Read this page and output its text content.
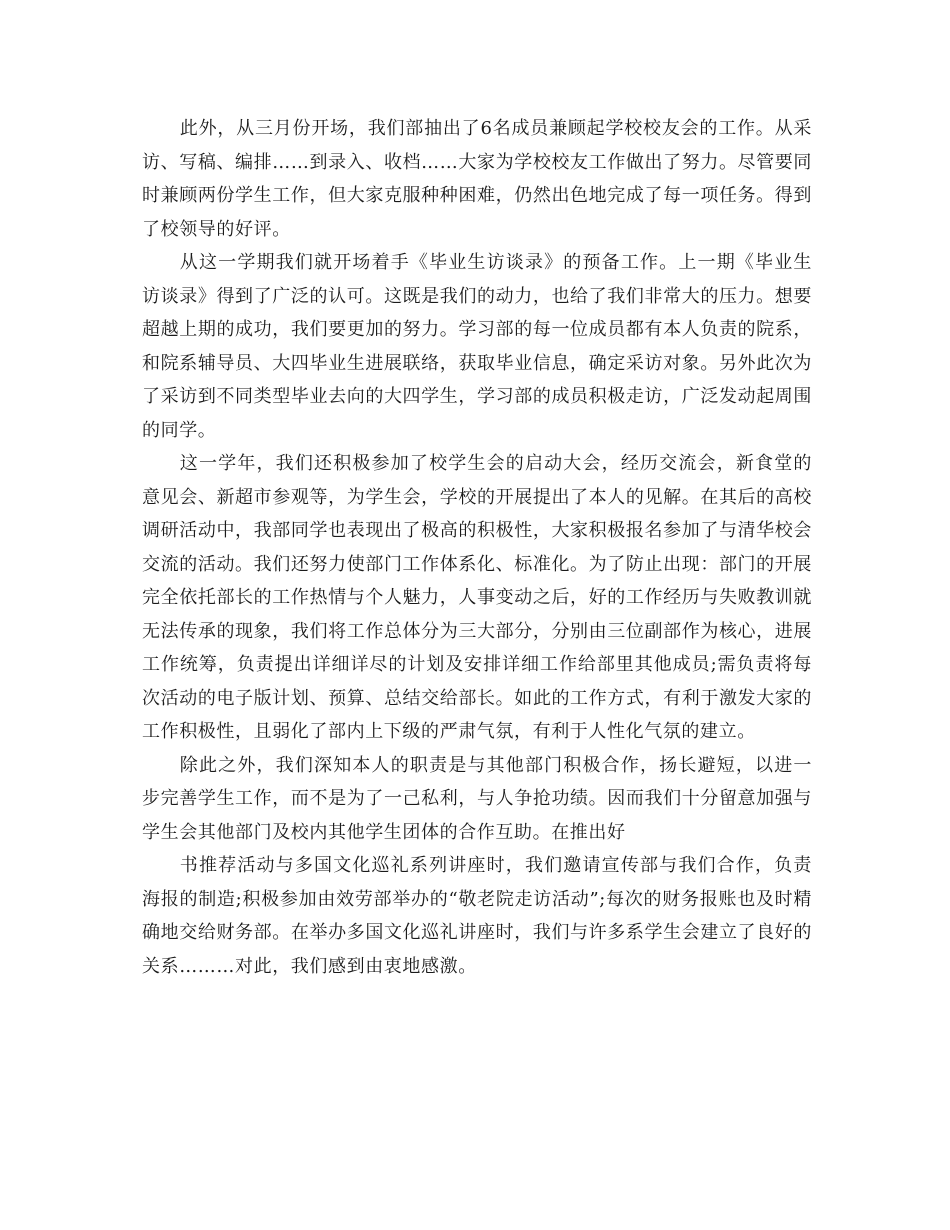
此外，从三月份开场，我们部抽出了6名成员兼顾起学校校友会的工作。从采访、写稿、编排……到录入、收档……大家为学校校友工作做出了努力。尽管要同时兼顾两份学生工作，但大家克服种种困难，仍然出色地完成了每一项任务。得到了校领导的好评。

从这一学期我们就开场着手《毕业生访谈录》的预备工作。上一期《毕业生访谈录》得到了广泛的认可。这既是我们的动力，也给了我们非常大的压力。想要超越上期的成功，我们要更加的努力。学习部的每一位成员都有本人负责的院系，和院系辅导员、大四毕业生进展联络，获取毕业信息，确定采访对象。另外此次为了采访到不同类型毕业去向的大四学生，学习部的成员积极走访，广泛发动起周围的同学。

这一学年，我们还积极参加了校学生会的启动大会，经历交流会，新食堂的意见会、新超市参观等，为学生会，学校的开展提出了本人的见解。在其后的高校调研活动中，我部同学也表现出了极高的积极性，大家积极报名参加了与清华校会交流的活动。我们还努力使部门工作体系化、标准化。为了防止出现：部门的开展完全依托部长的工作热情与个人魅力，人事变动之后，好的工作经历与失败教训就无法传承的现象，我们将工作总体分为三大部分，分别由三位副部作为核心，进展工作统筹，负责提出详细详尽的计划及安排详细工作给部里其他成员;需负责将每次活动的电子版计划、预算、总结交给部长。如此的工作方式，有利于激发大家的工作积极性，且弱化了部内上下级的严肃气氛，有利于人性化气氛的建立。

除此之外，我们深知本人的职责是与其他部门积极合作，扬长避短，以进一步完善学生工作，而不是为了一己私利，与人争抢功绩。因而我们十分留意加强与学生会其他部门及校内其他学生团体的合作互助。在推出好

书推荐活动与多国文化巡礼系列讲座时，我们邀请宣传部与我们合作，负责海报的制造;积极参加由效劳部举办的“敬老院走访活动”;每次的财务报账也及时精确地交给财务部。在举办多国文化巡礼讲座时，我们与许多系学生会建立了良好的关系………对此，我们感到由衷地感激。
